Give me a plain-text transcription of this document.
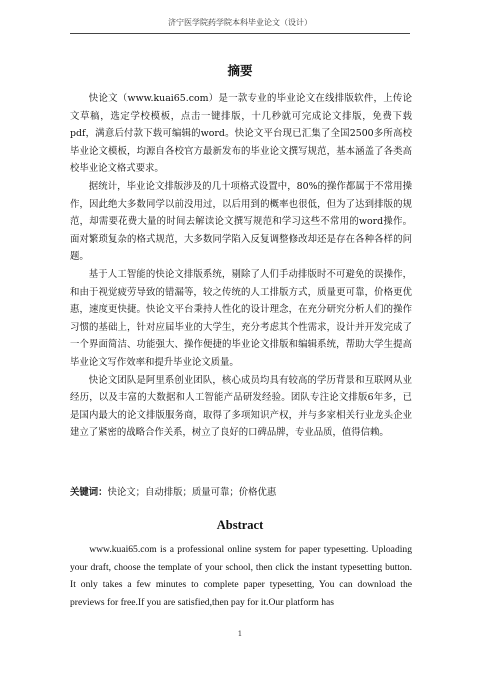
济宁医学院药学院本科毕业论文（设计）
摘要

快论文（www.kuai65.com）是一款专业的毕业论文在线排版软件，上传论文草稿，选定学校模板，点击一键排版，十几秒就可完成论文排版，免费下载pdf，满意后付款下载可编辑的word。快论文平台现已汇集了全国2500多所高校毕业论文模板，均源自各校官方最新发布的毕业论文撰写规范，基本涵盖了各类高校毕业论文格式要求。

据统计，毕业论文排版涉及的几十项格式设置中，80%的操作都属于不常用操作，因此绝大多数同学以前没用过，以后用到的概率也很低，但为了达到排版的规范，却需要花费大量的时间去解读论文撰写规范和学习这些不常用的word操作。面对繁琐复杂的格式规范，大多数同学陷入反复调整修改却还是存在各种各样的问题。

基于人工智能的快论文排版系统，剔除了人们手动排版时不可避免的误操作，和由于视觉疲劳导致的错漏等，较之传统的人工排版方式，质量更可靠，价格更优惠，速度更快捷。快论文平台秉持人性化的设计理念，在充分研究分析人们的操作习惯的基础上，针对应届毕业的大学生，充分考虑其个性需求，设计并开发完成了一个界面简洁、功能强大、操作便捷的毕业论文排版和编辑系统，帮助大学生提高毕业论文写作效率和提升毕业论文质量。

快论文团队是阿里系创业团队，核心成员均具有较高的学历背景和互联网从业经历，以及丰富的大数据和人工智能产品研发经验。团队专注论文排版6年多，已是国内最大的论文排版服务商，取得了多项知识产权，并与多家相关行业龙头企业建立了紧密的战略合作关系，树立了良好的口碑品牌，专业品质，值得信赖。

关键词：快论文；自动排版；质量可靠；价格优惠
Abstract

www.kuai65.com is a professional online system for paper typesetting. Uploading your draft, choose the template of your school, then click the instant typesetting button. It only takes a few minutes to complete paper typesetting, You can download the previews for free.If you are satisfied,then pay for it.Our platform has

1
